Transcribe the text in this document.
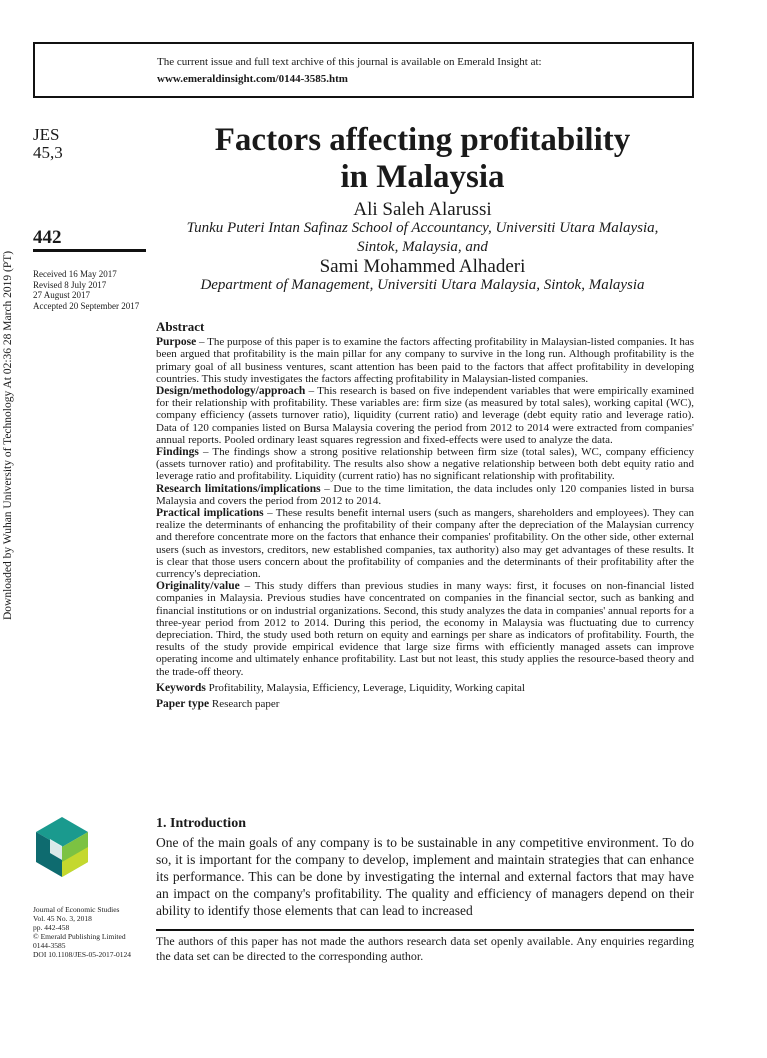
The current issue and full text archive of this journal is available on Emerald Insight at:
www.emeraldinsight.com/0144-3585.htm
Downloaded by Wuhan University of Technology At 02:36 28 March 2019 (PT)
JES
45,3
442
Received 16 May 2017
Revised 8 July 2017
27 August 2017
Accepted 20 September 2017
Factors affecting profitability
in Malaysia
Ali Saleh Alarussi
Tunku Puteri Intan Safinaz School of Accountancy, Universiti Utara Malaysia,
Sintok, Malaysia, and
Sami Mohammed Alhaderi
Department of Management, Universiti Utara Malaysia, Sintok, Malaysia
Abstract

Purpose – The purpose of this paper is to examine the factors affecting profitability in Malaysian-listed companies. It has been argued that profitability is the main pillar for any company to survive in the long run. Although profitability is the primary goal of all business ventures, scant attention has been paid to the factors that affect profitability in developing countries. This study investigates the factors affecting profitability in Malaysian-listed companies.

Design/methodology/approach – This research is based on five independent variables that were empirically examined for their relationship with profitability. These variables are: firm size (as measured by total sales), working capital (WC), company efficiency (assets turnover ratio), liquidity (current ratio) and leverage (debt equity ratio and leverage ratio). Data of 120 companies listed on Bursa Malaysia covering the period from 2012 to 2014 were extracted from companies' annual reports. Pooled ordinary least squares regression and fixed-effects were used to analyze the data.

Findings – The findings show a strong positive relationship between firm size (total sales), WC, company efficiency (assets turnover ratio) and profitability. The results also show a negative relationship between both debt equity ratio and leverage ratio and profitability. Liquidity (current ratio) has no significant relationship with profitability.

Research limitations/implications – Due to the time limitation, the data includes only 120 companies listed in bursa Malaysia and covers the period from 2012 to 2014.

Practical implications – These results benefit internal users (such as mangers, shareholders and employees). They can realize the determinants of enhancing the profitability of their company after the depreciation of the Malaysian currency and therefore concentrate more on the factors that enhance their companies' profitability. On the other side, other external users (such as investors, creditors, new established companies, tax authority) also may get advantages of these results. It is clear that those users concern about the profitability of companies and the determinants of their profitability after the currency's depreciation.

Originality/value – This study differs than previous studies in many ways: first, it focuses on non-financial listed companies in Malaysia. Previous studies have concentrated on companies in the financial sector, such as banking and financial institutions or on industrial organizations. Second, this study analyzes the data in companies' annual reports for a three-year period from 2012 to 2014. During this period, the economy in Malaysia was fluctuating due to currency depreciation. Third, the study used both return on equity and earnings per share as indicators of profitability. Fourth, the results of the study provide empirical evidence that large size firms with efficiently managed assets can improve operating income and ultimately enhance profitability. Last but not least, this study applies the resource-based theory and the trade-off theory.

Keywords Profitability, Malaysia, Efficiency, Leverage, Liquidity, Working capital

Paper type Research paper

1. Introduction

One of the main goals of any company is to be sustainable in any competitive environment. To do so, it is important for the company to develop, implement and maintain strategies that can enhance its performance. This can be done by investigating the internal and external factors that may have an impact on the company's profitability. The quality and efficiency of managers depend on their ability to identify those elements that can lead to increased

The authors of this paper has not made the authors research data set openly available. Any enquiries regarding the data set can be directed to the corresponding author.
Journal of Economic Studies
Vol. 45 No. 3, 2018
pp. 442-458
© Emerald Publishing Limited
0144-3585
DOI 10.1108/JES-05-2017-0124
